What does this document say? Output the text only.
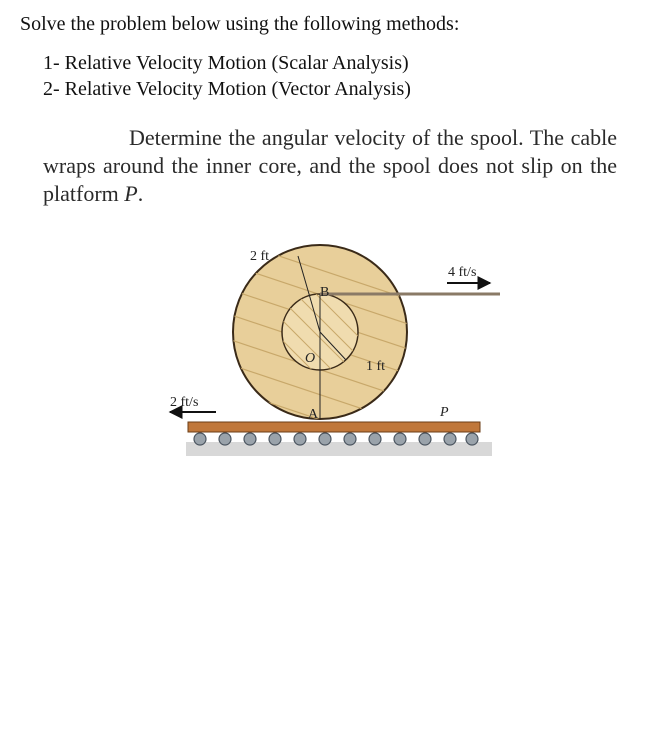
Solve the problem below using the following methods:
1- Relative Velocity Motion (Scalar Analysis)
2- Relative Velocity Motion (Vector Analysis)
Determine the angular velocity of the spool. The cable wraps around the inner core, and the spool does not slip on the platform P.
2 ft
4 ft/s
B
O
1 ft
A
2 ft/s
P
